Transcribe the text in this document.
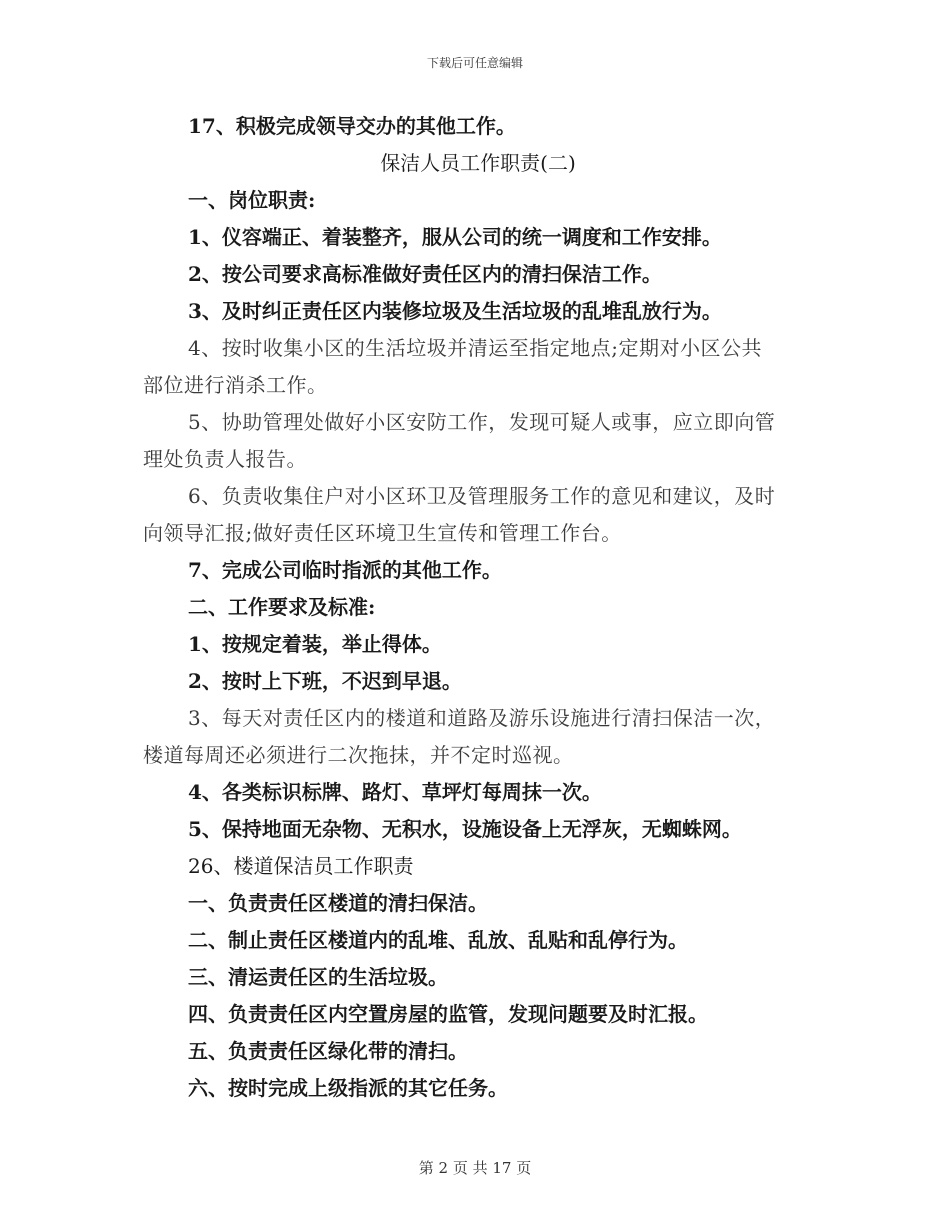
下载后可任意编辑
17、积极完成领导交办的其他工作。
保洁人员工作职责(二)
一、岗位职责:
1、仪容端正、着装整齐，服从公司的统一调度和工作安排。
2、按公司要求高标准做好责任区内的清扫保洁工作。
3、及时纠正责任区内装修垃圾及生活垃圾的乱堆乱放行为。
4、按时收集小区的生活垃圾并清运至指定地点;定期对小区公共
部位进行消杀工作。
5、协助管理处做好小区安防工作，发现可疑人或事，应立即向管
理处负责人报告。
6、负责收集住户对小区环卫及管理服务工作的意见和建议，及时
向领导汇报;做好责任区环境卫生宣传和管理工作台。
7、完成公司临时指派的其他工作。
二、工作要求及标准:
1、按规定着装，举止得体。
2、按时上下班，不迟到早退。
3、每天对责任区内的楼道和道路及游乐设施进行清扫保洁一次，
楼道每周还必须进行二次拖抹，并不定时巡视。
4、各类标识标牌、路灯、草坪灯每周抹一次。
5、保持地面无杂物、无积水，设施设备上无浮灰，无蜘蛛网。
26、楼道保洁员工作职责
一、负责责任区楼道的清扫保洁。
二、制止责任区楼道内的乱堆、乱放、乱贴和乱停行为。
三、清运责任区的生活垃圾。
四、负责责任区内空置房屋的监管，发现问题要及时汇报。
五、负责责任区绿化带的清扫。
六、按时完成上级指派的其它任务。
第 2 页 共 17 页
